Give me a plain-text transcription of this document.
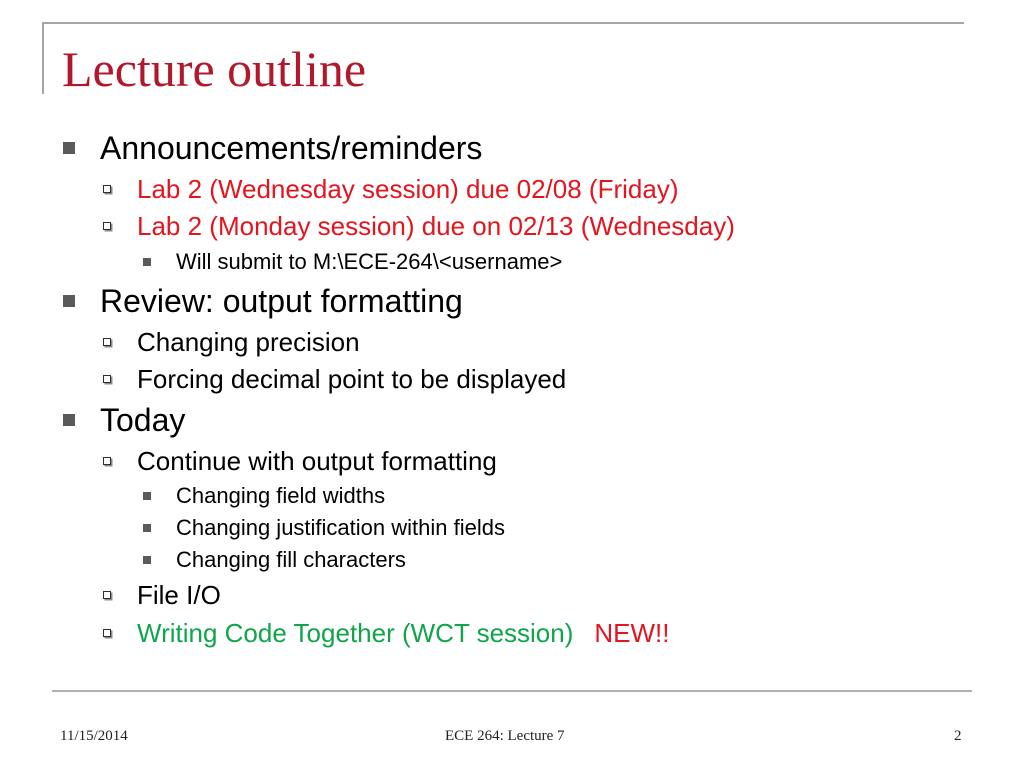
Lecture outline
Announcements/reminders
Lab 2 (Wednesday session) due 02/08 (Friday)
Lab 2 (Monday session) due on 02/13 (Wednesday)
Will submit to M:\ECE-264\<username>
Review: output formatting
Changing precision
Forcing decimal point to be displayed
Today
Continue with output formatting
Changing field widths
Changing justification within fields
Changing fill characters
File I/O
Writing Code Together (WCT session) NEW!!
11/15/2014	ECE 264: Lecture 7	2
